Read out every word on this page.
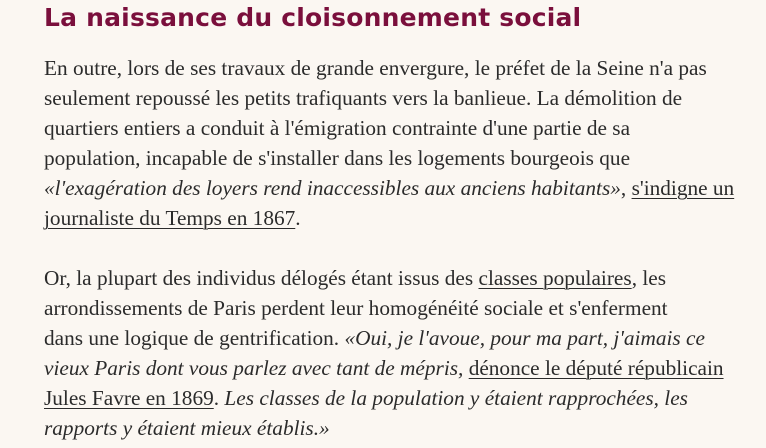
La naissance du cloisonnement social

En outre, lors de ses travaux de grande envergure, le préfet de la Seine n'a pas
seulement repoussé les petits trafiquants vers la banlieue. La démolition de
quartiers entiers a conduit à l'émigration contrainte d'une partie de sa
population, incapable de s'installer dans les logements bourgeois que
«l'exagération des loyers rend inaccessibles aux anciens habitants», s'indigne un
journaliste du Temps en 1867.

Or, la plupart des individus délogés étant issus des classes populaires, les
arrondissements de Paris perdent leur homogénéité sociale et s'enferment
dans une logique de gentrification. «Oui, je l'avoue, pour ma part, j'aimais ce
vieux Paris dont vous parlez avec tant de mépris, dénonce le député républicain
Jules Favre en 1869. Les classes de la population y étaient rapprochées, les
rapports y étaient mieux établis.»
